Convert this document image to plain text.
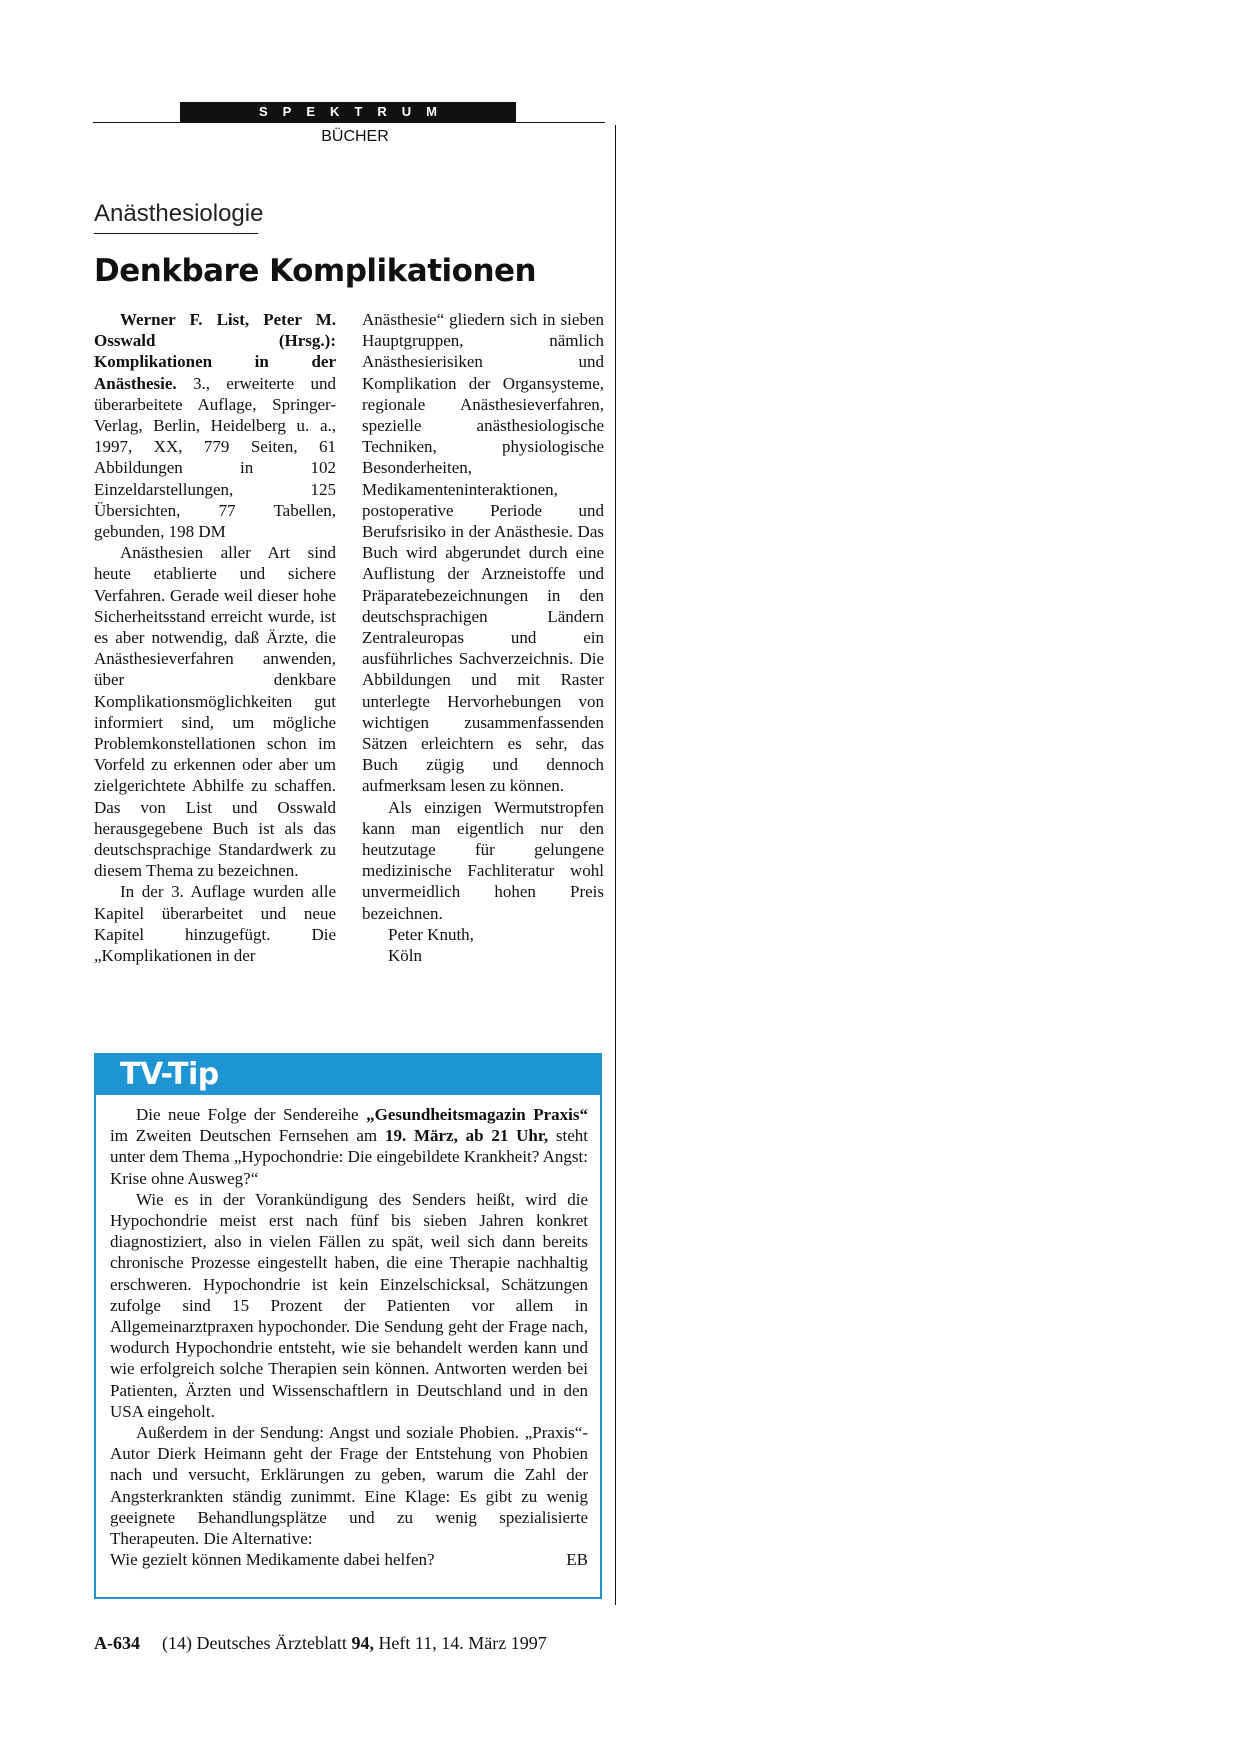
SPEKTRUM
BÜCHER
Anästhesiologie
Denkbare Komplikationen

Werner F. List, Peter M. Osswald (Hrsg.): Komplikationen in der Anästhesie. 3., erweiterte und überarbeitete Auflage, Springer-Verlag, Berlin, Heidelberg u. a., 1997, XX, 779 Seiten, 61 Abbildungen in 102 Einzeldarstellungen, 125 Übersichten, 77 Tabellen, gebunden, 198 DM

Anästhesien aller Art sind heute etablierte und sichere Verfahren. Gerade weil dieser hohe Sicherheitsstand erreicht wurde, ist es aber notwendig, daß Ärzte, die Anästhesieverfahren anwenden, über denkbare Komplikationsmöglichkeiten gut informiert sind, um mögliche Problemkonstellationen schon im Vorfeld zu erkennen oder aber um zielgerichtete Abhilfe zu schaffen. Das von List und Osswald herausgegebene Buch ist als das deutschsprachige Standardwerk zu diesem Thema zu bezeichnen.

In der 3. Auflage wurden alle Kapitel überarbeitet und neue Kapitel hinzugefügt. Die „Komplikationen in der

Anästhesie“ gliedern sich in sieben Hauptgruppen, nämlich Anästhesierisiken und Komplikation der Organsysteme, regionale Anästhesieverfahren, spezielle anästhesiologische Techniken, physiologische Besonderheiten, Medikamenteninteraktionen, postoperative Periode und Berufsrisiko in der Anästhesie. Das Buch wird abgerundet durch eine Auflistung der Arzneistoffe und Präparatebezeichnungen in den deutschsprachigen Ländern Zentraleuropas und ein ausführliches Sachverzeichnis. Die Abbildungen und mit Raster unterlegte Hervorhebungen von wichtigen zusammenfassenden Sätzen erleichtern es sehr, das Buch zügig und dennoch aufmerksam lesen zu können.

Als einzigen Wermutstropfen kann man eigentlich nur den heutzutage für gelungene medizinische Fachliteratur wohl unvermeidlich hohen Preis bezeichnen.

Peter Knuth,

Köln

TV-Tip

Die neue Folge der Sendereihe „Gesundheitsmagazin Praxis“ im Zweiten Deutschen Fernsehen am 19. März, ab 21 Uhr, steht unter dem Thema „Hypochondrie: Die eingebildete Krankheit? Angst: Krise ohne Ausweg?“

Wie es in der Vorankündigung des Senders heißt, wird die Hypochondrie meist erst nach fünf bis sieben Jahren konkret diagnostiziert, also in vielen Fällen zu spät, weil sich dann bereits chronische Prozesse eingestellt haben, die eine Therapie nachhaltig erschweren. Hypochondrie ist kein Einzelschicksal, Schätzungen zufolge sind 15 Prozent der Patienten vor allem in Allgemeinarztpraxen hypochonder. Die Sendung geht der Frage nach, wodurch Hypochondrie entsteht, wie sie behandelt werden kann und wie erfolgreich solche Therapien sein können. Antworten werden bei Patienten, Ärzten und Wissenschaftlern in Deutschland und in den USA eingeholt.

Außerdem in der Sendung: Angst und soziale Phobien. „Praxis“-Autor Dierk Heimann geht der Frage der Entstehung von Phobien nach und versucht, Erklärungen zu geben, warum die Zahl der Angsterkrankten ständig zunimmt. Eine Klage: Es gibt zu wenig geeignete Behandlungsplätze und zu wenig spezialisierte Therapeuten. Die Alternative:

Wie gezielt können Medikamente dabei helfen?	EB
A-634 (14) Deutsches Ärzteblatt 94, Heft 11, 14. März 1997
